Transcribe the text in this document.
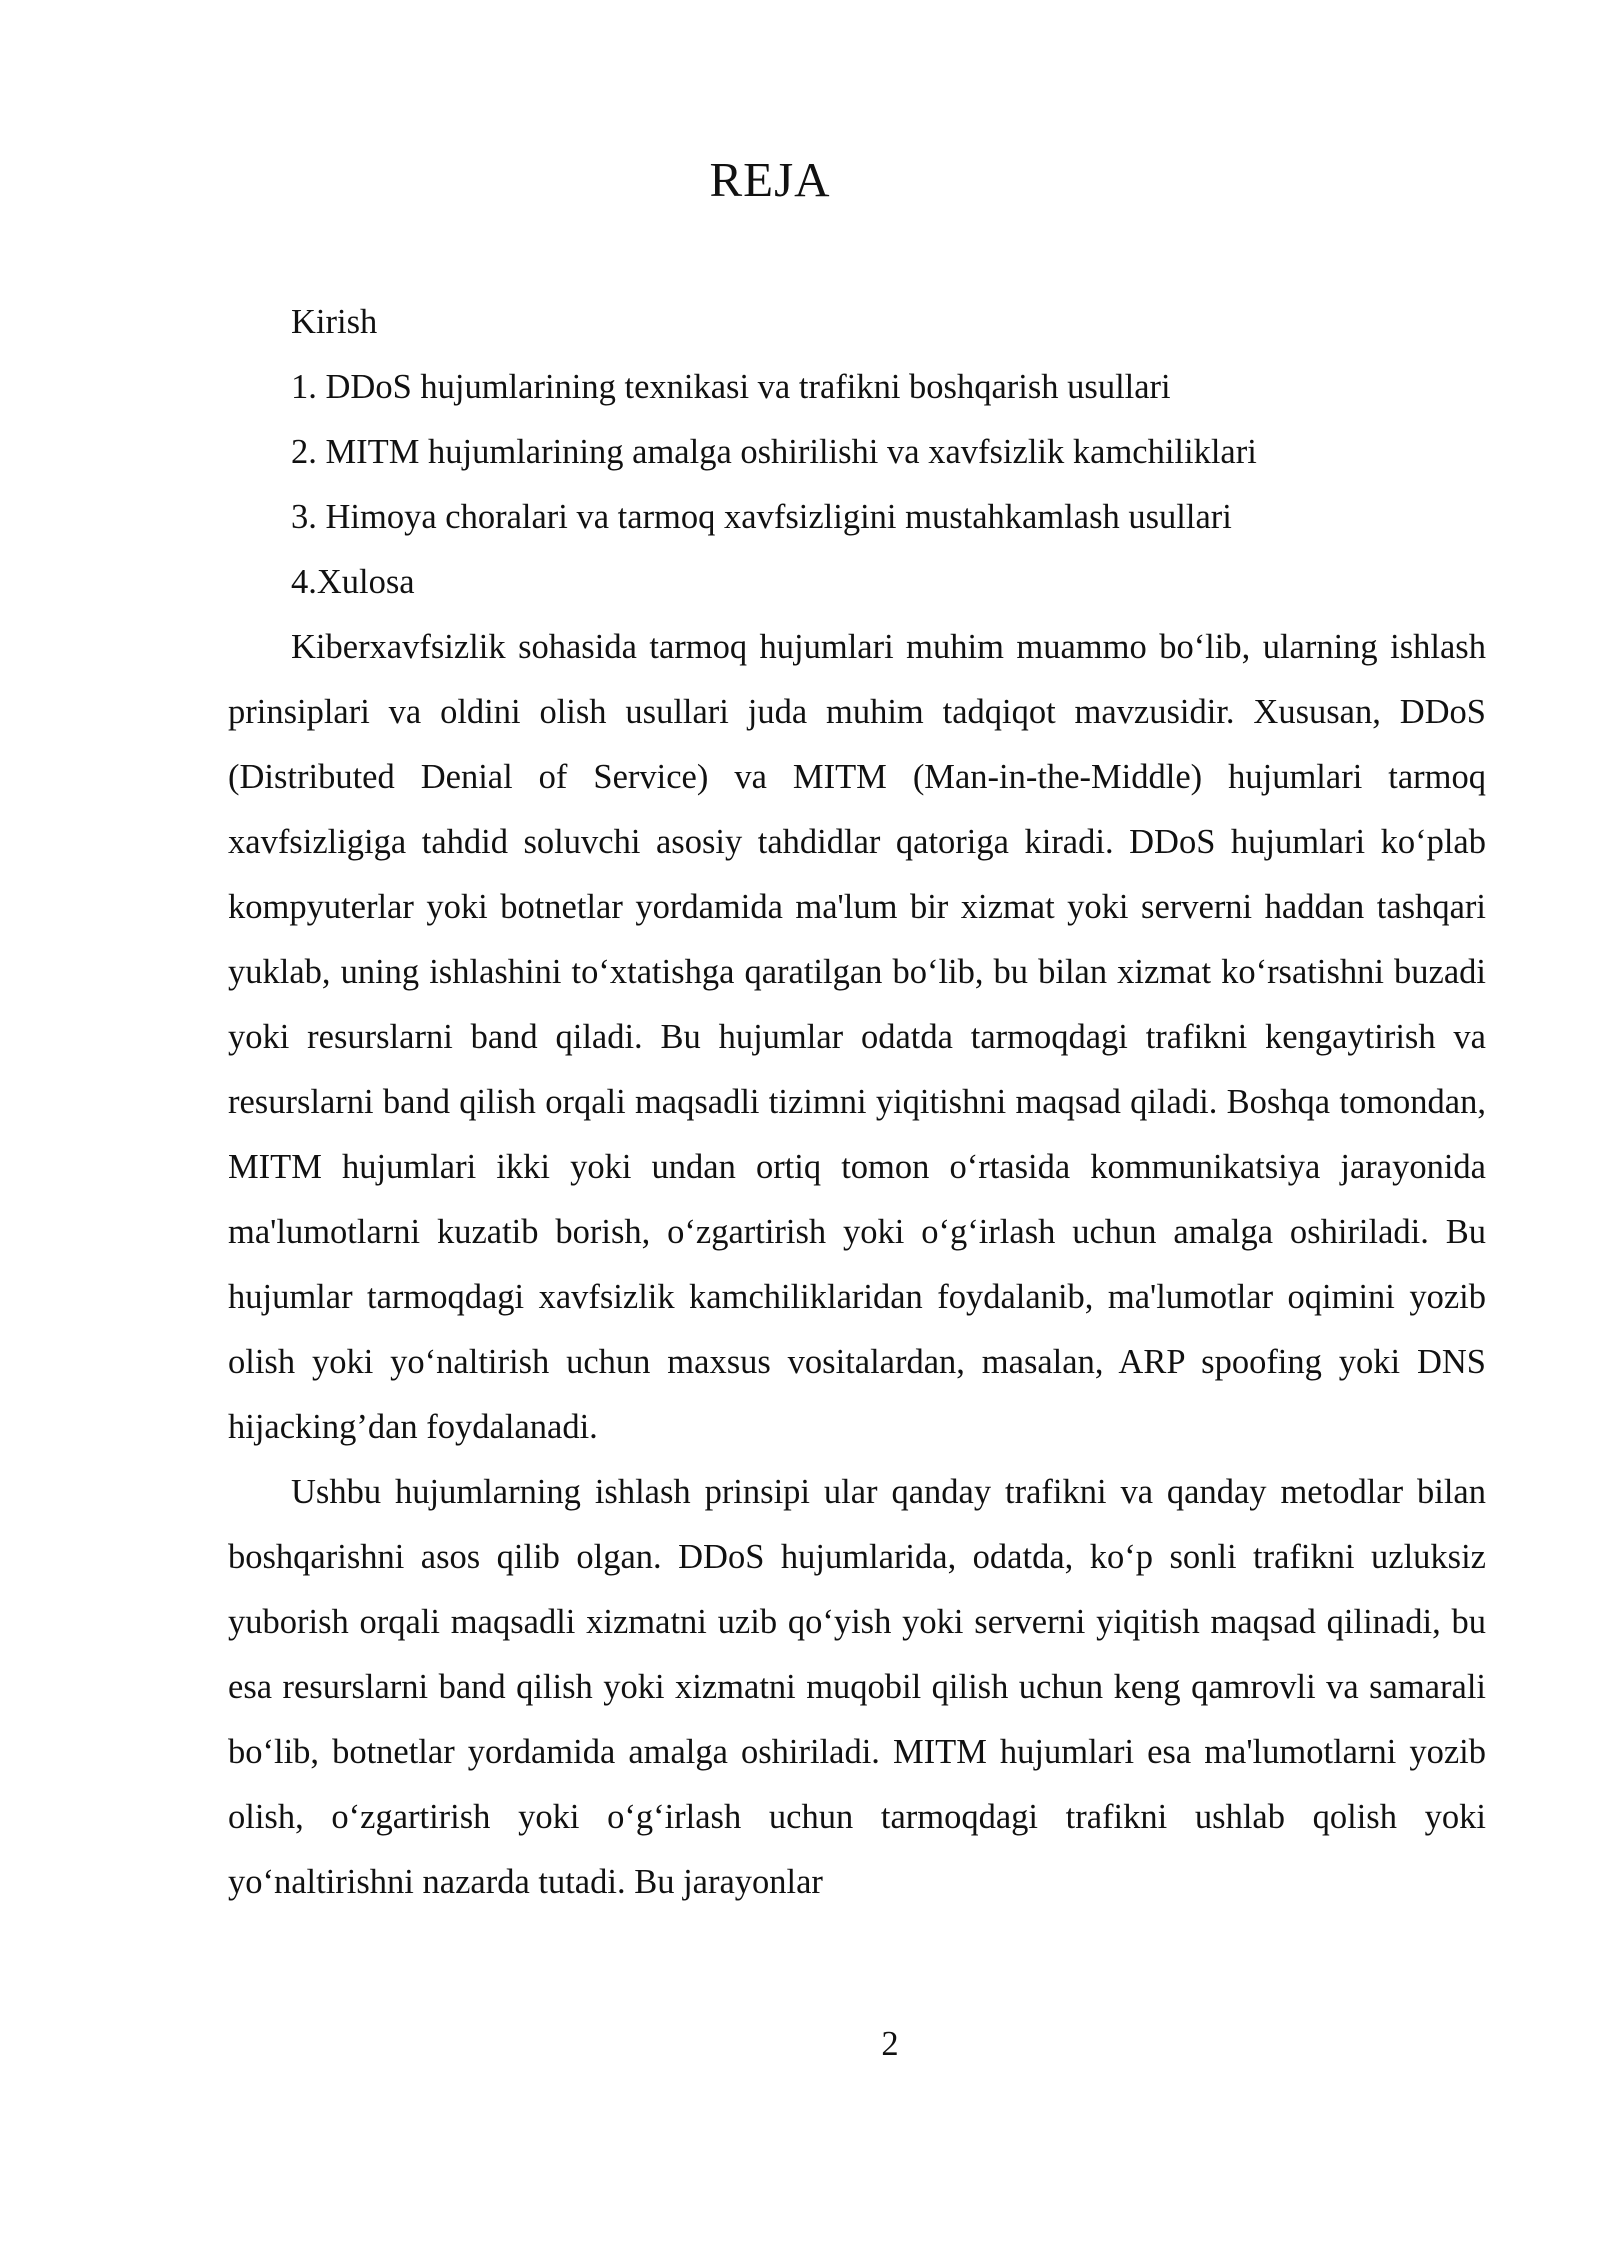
REJA
Kirish
1. DDoS hujumlarining texnikasi va trafikni boshqarish usullari
2. MITM hujumlarining amalga oshirilishi va xavfsizlik kamchiliklari
3. Himoya choralari va tarmoq xavfsizligini mustahkamlash usullari
4.Xulosa

Kiberxavfsizlik sohasida tarmoq hujumlari muhim muammo bo‘lib, ularning ishlash prinsiplari va oldini olish usullari juda muhim tadqiqot mavzusidir. Xususan, DDoS (Distributed Denial of Service) va MITM (Man-in-the-Middle) hujumlari tarmoq xavfsizligiga tahdid soluvchi asosiy tahdidlar qatoriga kiradi. DDoS hujumlari ko‘plab kompyuterlar yoki botnetlar yordamida ma'lum bir xizmat yoki serverni haddan tashqari yuklab, uning ishlashini to‘xtatishga qaratilgan bo‘lib, bu bilan xizmat ko‘rsatishni buzadi yoki resurslarni band qiladi. Bu hujumlar odatda tarmoqdagi trafikni kengaytirish va resurslarni band qilish orqali maqsadli tizimni yiqitishni maqsad qiladi. Boshqa tomondan, MITM hujumlari ikki yoki undan ortiq tomon o‘rtasida kommunikatsiya jarayonida ma'lumotlarni kuzatib borish, o‘zgartirish yoki o‘g‘irlash uchun amalga oshiriladi. Bu hujumlar tarmoqdagi xavfsizlik kamchiliklaridan foydalanib, ma'lumotlar oqimini yozib olish yoki yo‘naltirish uchun maxsus vositalardan, masalan, ARP spoofing yoki DNS hijacking’dan foydalanadi.

Ushbu hujumlarning ishlash prinsipi ular qanday trafikni va qanday metodlar bilan boshqarishni asos qilib olgan. DDoS hujumlarida, odatda, ko‘p sonli trafikni uzluksiz yuborish orqali maqsadli xizmatni uzib qo‘yish yoki serverni yiqitish maqsad qilinadi, bu esa resurslarni band qilish yoki xizmatni muqobil qilish uchun keng qamrovli va samarali bo‘lib, botnetlar yordamida amalga oshiriladi. MITM hujumlari esa ma'lumotlarni yozib olish, o‘zgartirish yoki o‘g‘irlash uchun tarmoqdagi trafikni ushlab qolish yoki yo‘naltirishni nazarda tutadi. Bu jarayonlar

2
